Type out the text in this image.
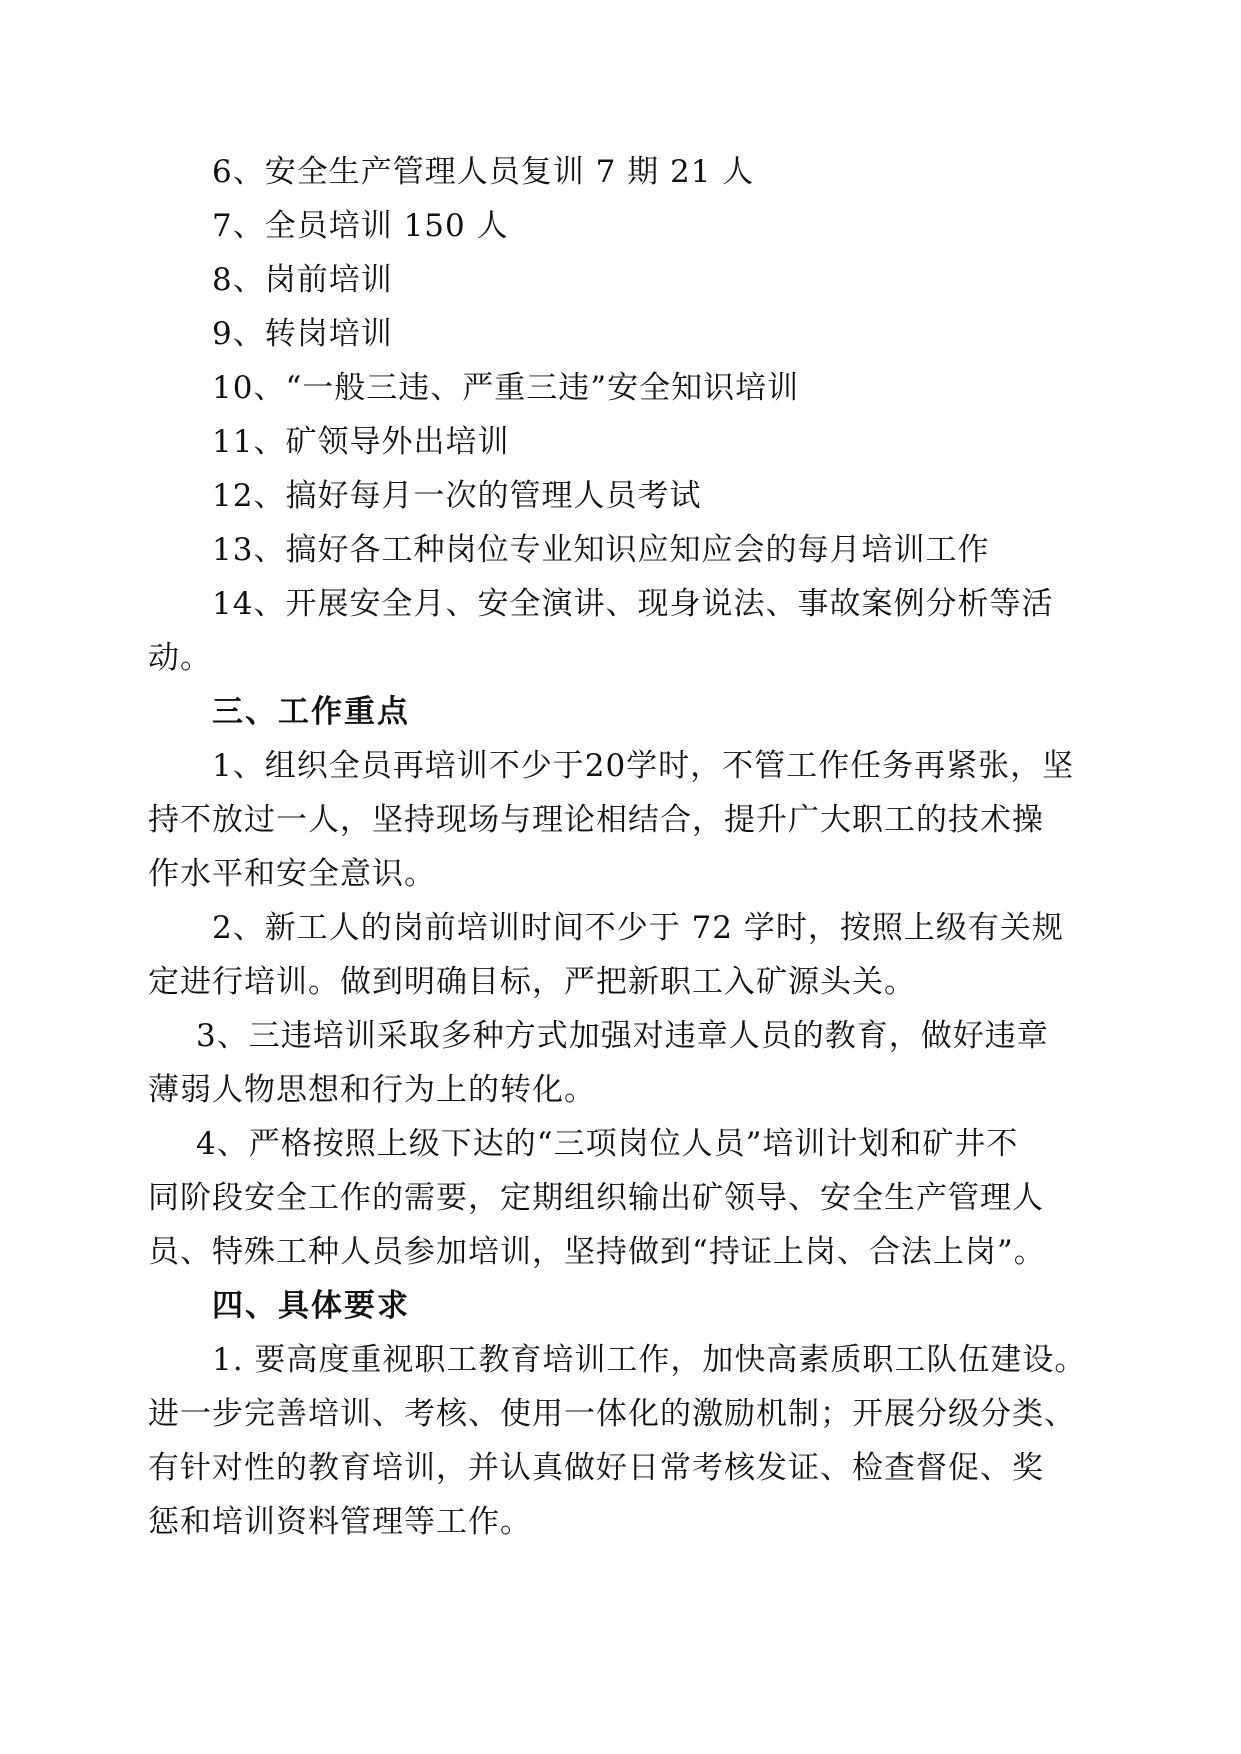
6、安全生产管理人员复训 7 期 21 人
7、全员培训 150 人
8、岗前培训
9、转岗培训
10、“一般三违、严重三违”安全知识培训
11、矿领导外出培训
12、搞好每月一次的管理人员考试
13、搞好各工种岗位专业知识应知应会的每月培训工作
14、开展安全月、安全演讲、现身说法、事故案例分析等活
动。
三、工作重点
1、组织全员再培训不少于20学时，不管工作任务再紧张，坚
持不放过一人，坚持现场与理论相结合，提升广大职工的技术操
作水平和安全意识。
2、新工人的岗前培训时间不少于 72 学时，按照上级有关规
定进行培训。做到明确目标，严把新职工入矿源头关。
3、三违培训采取多种方式加强对违章人员的教育，做好违章
薄弱人物思想和行为上的转化。
4、严格按照上级下达的“三项岗位人员”培训计划和矿井不
同阶段安全工作的需要，定期组织输出矿领导、安全生产管理人
员、特殊工种人员参加培训，坚持做到“持证上岗、合法上岗”。
四、具体要求
1. 要高度重视职工教育培训工作，加快高素质职工队伍建设。
进一步完善培训、考核、使用一体化的激励机制；开展分级分类、
有针对性的教育培训，并认真做好日常考核发证、检查督促、奖
惩和培训资料管理等工作。
